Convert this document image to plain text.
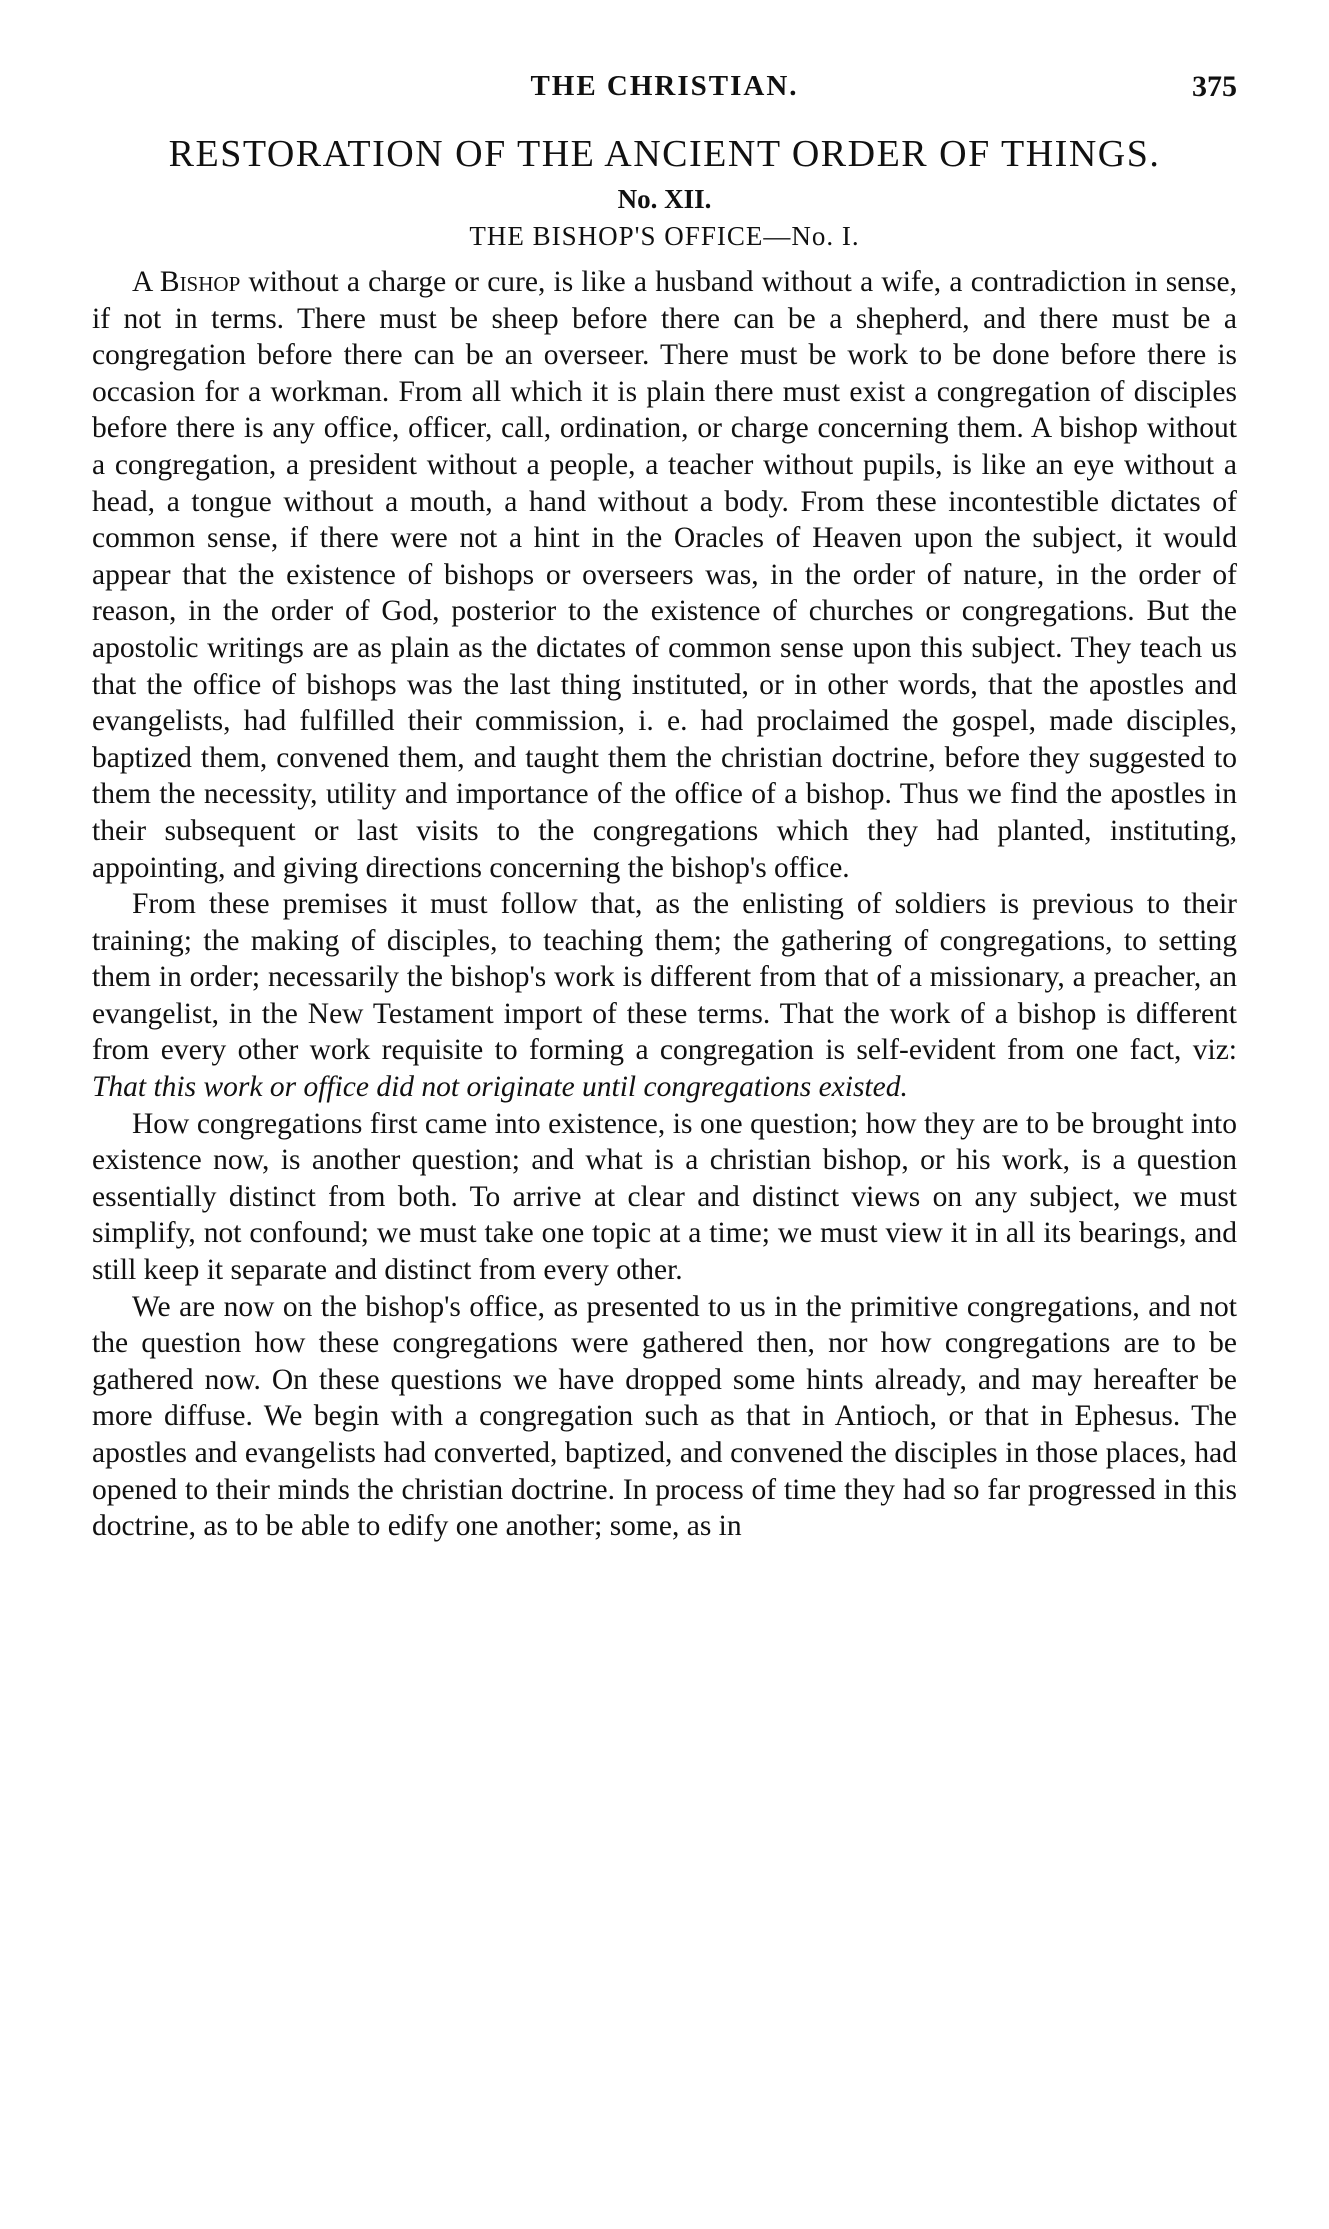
THE CHRISTIAN.	375
RESTORATION OF THE ANCIENT ORDER OF THINGS.
No. XII.
THE BISHOP'S OFFICE—No. I.

A Bishop without a charge or cure, is like a husband without a wife, a contradiction in sense, if not in terms. There must be sheep before there can be a shepherd, and there must be a congregation before there can be an overseer. There must be work to be done before there is occasion for a workman. From all which it is plain there must exist a congregation of disciples before there is any office, officer, call, ordination, or charge concerning them. A bishop without a congregation, a president without a people, a teacher without pupils, is like an eye without a head, a tongue without a mouth, a hand without a body. From these incontestible dictates of common sense, if there were not a hint in the Oracles of Heaven upon the subject, it would appear that the existence of bishops or overseers was, in the order of nature, in the order of reason, in the order of God, posterior to the existence of churches or congregations. But the apostolic writings are as plain as the dictates of common sense upon this subject. They teach us that the office of bishops was the last thing instituted, or in other words, that the apostles and evangelists, had fulfilled their commission, i. e. had proclaimed the gospel, made disciples, baptized them, convened them, and taught them the christian doctrine, before they suggested to them the necessity, utility and importance of the office of a bishop. Thus we find the apostles in their subsequent or last visits to the congregations which they had planted, instituting, appointing, and giving directions concerning the bishop's office.

From these premises it must follow that, as the enlisting of soldiers is previous to their training; the making of disciples, to teaching them; the gathering of congregations, to setting them in order; necessarily the bishop's work is different from that of a missionary, a preacher, an evangelist, in the New Testament import of these terms. That the work of a bishop is different from every other work requisite to forming a congregation is self-evident from one fact, viz: That this work or office did not originate until congregations existed.

How congregations first came into existence, is one question; how they are to be brought into existence now, is another question; and what is a christian bishop, or his work, is a question essentially distinct from both. To arrive at clear and distinct views on any subject, we must simplify, not confound; we must take one topic at a time; we must view it in all its bearings, and still keep it separate and distinct from every other.

We are now on the bishop's office, as presented to us in the primitive congregations, and not the question how these congregations were gathered then, nor how congregations are to be gathered now. On these questions we have dropped some hints already, and may hereafter be more diffuse. We begin with a congregation such as that in Antioch, or that in Ephesus. The apostles and evangelists had converted, baptized, and convened the disciples in those places, had opened to their minds the christian doctrine. In process of time they had so far progressed in this doctrine, as to be able to edify one another; some, as in
